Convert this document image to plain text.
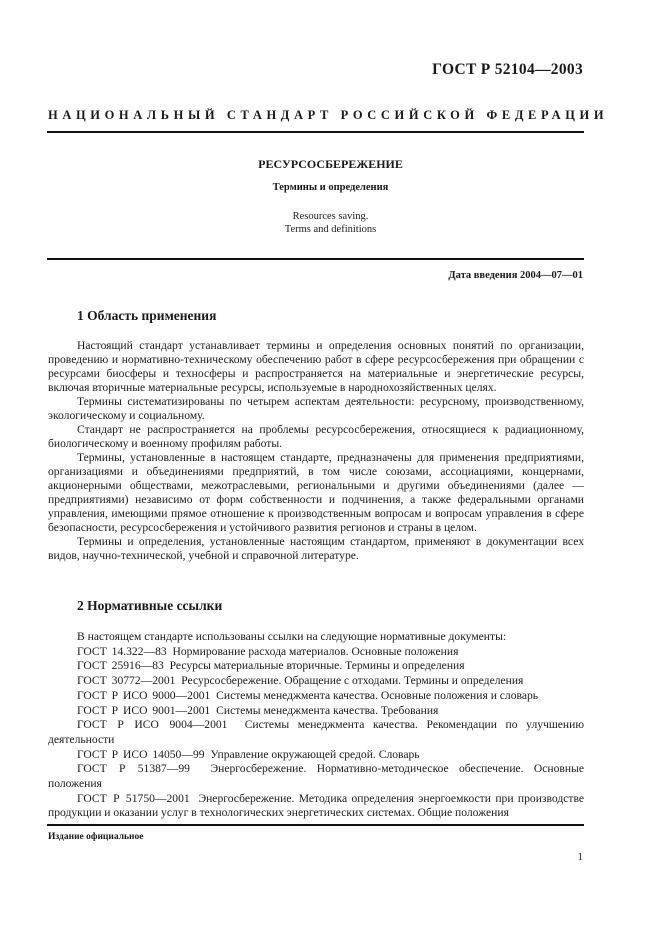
ГОСТ Р 52104—2003
НАЦИОНАЛЬНЫЙ СТАНДАРТ РОССИЙСКОЙ ФЕДЕРАЦИИ
РЕСУРСОСБЕРЕЖЕНИЕ
Термины и определения
Resources saving.
Terms and definitions
Дата введения 2004—07—01
1 Область применения

Настоящий стандарт устанавливает термины и определения основных понятий по организации, проведению и нормативно-техническому обеспечению работ в сфере ресурсосбережения при обращении с ресурсами биосферы и техносферы и распространяется на материальные и энергетические ресурсы, включая вторичные материальные ресурсы, используемые в народнохозяйственных целях.

Термины систематизированы по четырем аспектам деятельности: ресурсному, производственному, экологическому и социальному.

Стандарт не распространяется на проблемы ресурсосбережения, относящиеся к радиационному, биологическому и военному профилям работы.

Термины, установленные в настоящем стандарте, предназначены для применения предприятиями, организациями и объединениями предприятий, в том числе союзами, ассоциациями, концернами, акционерными обществами, межотраслевыми, региональными и другими объединениями (далее — предприятиями) независимо от форм собственности и подчинения, а также федеральными органами управления, имеющими прямое отношение к производственным вопросам и вопросам управления в сфере безопасности, ресурсосбережения и устойчивого развития регионов и страны в целом.

Термины и определения, установленные настоящим стандартом, применяют в документации всех видов, научно-технической, учебной и справочной литературе.

2 Нормативные ссылки

В настоящем стандарте использованы ссылки на следующие нормативные документы:

ГОСТ 14.322—83 Нормирование расхода материалов. Основные положения

ГОСТ 25916—83 Ресурсы материальные вторичные. Термины и определения

ГОСТ 30772—2001 Ресурсосбережение. Обращение с отходами. Термины и определения

ГОСТ Р ИСО 9000—2001 Системы менеджмента качества. Основные положения и словарь

ГОСТ Р ИСО 9001—2001 Системы менеджмента качества. Требования

ГОСТ Р ИСО 9004—2001 Системы менеджмента качества. Рекомендации по улучшению деятельности

ГОСТ Р ИСО 14050—99 Управление окружающей средой. Словарь

ГОСТ Р 51387—99 Энергосбережение. Нормативно-методическое обеспечение. Основные положения

ГОСТ Р 51750—2001 Энергосбережение. Методика определения энергоемкости при производстве продукции и оказании услуг в технологических энергетических системах. Общие положения

Издание официальное
1
